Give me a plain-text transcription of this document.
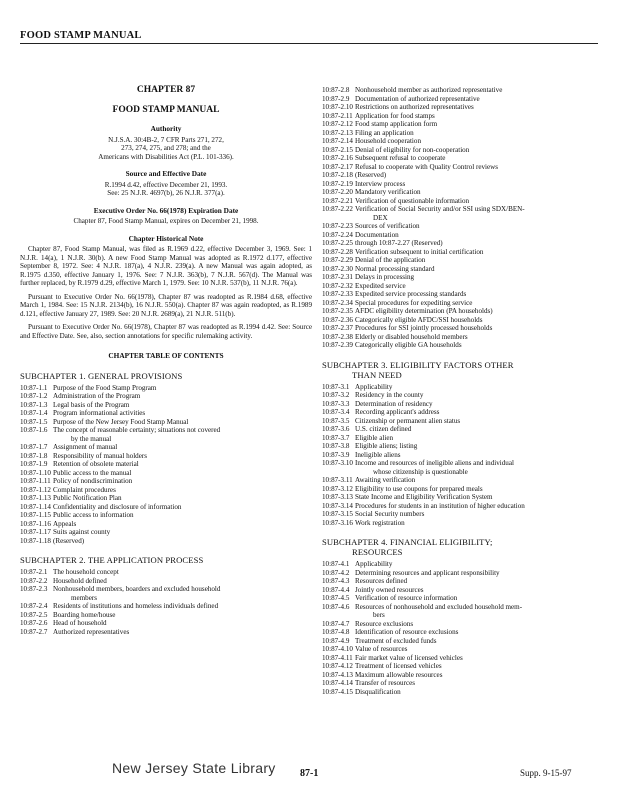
FOOD STAMP MANUAL
CHAPTER 87
FOOD STAMP MANUAL
Authority
N.J.S.A. 30:4B-2, 7 CFR Parts 271, 272,
273, 274, 275, and 278; and the
Americans with Disabilities Act (P.L. 101-336).
Source and Effective Date
R.1994 d.42, effective December 21, 1993.
See: 25 N.J.R. 4697(b), 26 N.J.R. 377(a).
Executive Order No. 66(1978) Expiration Date
Chapter 87, Food Stamp Manual, expires on December 21, 1998.
Chapter Historical Note
Chapter 87, Food Stamp Manual, was filed as R.1969 d.22, effective December 3, 1969. See: 1 N.J.R. 14(a), 1 N.J.R. 30(b). A new Food Stamp Manual was adopted as R.1972 d.177, effective September 8, 1972. See: 4 N.J.R. 187(a), 4 N.J.R. 239(a). A new Manual was again adopted, as R.1975 d.350, effective January 1, 1976. See: 7 N.J.R. 363(b), 7 N.J.R. 567(d). The Manual was further replaced, by R.1979 d.29, effective March 1, 1979. See: 10 N.J.R. 537(b), 11 N.J.R. 76(a).
Pursuant to Executive Order No. 66(1978), Chapter 87 was readopted as R.1984 d.68, effective March 1, 1984. See: 15 N.J.R. 2134(b), 16 N.J.R. 550(a). Chapter 87 was again readopted, as R.1989 d.121, effective January 27, 1989. See: 20 N.J.R. 2689(a), 21 N.J.R. 511(b).
Pursuant to Executive Order No. 66(1978), Chapter 87 was readopted as R.1994 d.42. See: Source and Effective Date. See, also, section annotations for specific rulemaking activity.
CHAPTER TABLE OF CONTENTS
SUBCHAPTER 1. GENERAL PROVISIONS
10:87-1.1 Purpose of the Food Stamp Program
10:87-1.2 Administration of the Program
10:87-1.3 Legal basis of the Program
10:87-1.4 Program informational activities
10:87-1.5 Purpose of the New Jersey Food Stamp Manual
10:87-1.6 The concept of reasonable certainty; situations not covered
by the manual
10:87-1.7 Assignment of manual
10:87-1.8 Responsibility of manual holders
10:87-1.9 Retention of obsolete material
10:87-1.10 Public access to the manual
10:87-1.11 Policy of nondiscrimination
10:87-1.12 Complaint procedures
10:87-1.13 Public Notification Plan
10:87-1.14 Confidentiality and disclosure of information
10:87-1.15 Public access to information
10:87-1.16 Appeals
10:87-1.17 Suits against county
10:87-1.18 (Reserved)
SUBCHAPTER 2. THE APPLICATION PROCESS
10:87-2.1 The household concept
10:87-2.2 Household defined
10:87-2.3 Nonhousehold members, boarders and excluded household
members
10:87-2.4 Residents of institutions and homeless individuals defined
10:87-2.5 Boarding home/house
10:87-2.6 Head of household
10:87-2.7 Authorized representatives
10:87-2.8 Nonhousehold member as authorized representative
10:87-2.9 Documentation of authorized representative
10:87-2.10 Restrictions on authorized representatives
10:87-2.11 Application for food stamps
10:87-2.12 Food stamp application form
10:87-2.13 Filing an application
10:87-2.14 Household cooperation
10:87-2.15 Denial of eligibility for non-cooperation
10:87-2.16 Subsequent refusal to cooperate
10:87-2.17 Refusal to cooperate with Quality Control reviews
10:87-2.18 (Reserved)
10:87-2.19 Interview process
10:87-2.20 Mandatory verification
10:87-2.21 Verification of questionable information
10:87-2.22 Verification of Social Security and/or SSI using SDX/BEN-
DEX
10:87-2.23 Sources of verification
10:87-2.24 Documentation
10:87-2.25 through 10:87-2.27 (Reserved)
10:87-2.28 Verification subsequent to initial certification
10:87-2.29 Denial of the application
10:87-2.30 Normal processing standard
10:87-2.31 Delays in processing
10:87-2.32 Expedited service
10:87-2.33 Expedited service processing standards
10:87-2.34 Special procedures for expediting service
10:87-2.35 AFDC eligibility determination (PA households)
10:87-2.36 Categorically eligible AFDC/SSI households
10:87-2.37 Procedures for SSI jointly processed households
10:87-2.38 Elderly or disabled household members
10:87-2.39 Categorically eligible GA households
SUBCHAPTER 3. ELIGIBILITY FACTORS OTHER
THAN NEED
10:87-3.1 Applicability
10:87-3.2 Residency in the county
10:87-3.3 Determination of residency
10:87-3.4 Recording applicant's address
10:87-3.5 Citizenship or permanent alien status
10:87-3.6 U.S. citizen defined
10:87-3.7 Eligible alien
10:87-3.8 Eligible aliens; listing
10:87-3.9 Ineligible aliens
10:87-3.10 Income and resources of ineligible aliens and individual
whose citizenship is questionable
10:87-3.11 Awaiting verification
10:87-3.12 Eligibility to use coupons for prepared meals
10:87-3.13 State Income and Eligibility Verification System
10:87-3.14 Procedures for students in an institution of higher education
10:87-3.15 Social Security numbers
10:87-3.16 Work registration
SUBCHAPTER 4. FINANCIAL ELIGIBILITY;
RESOURCES
10:87-4.1 Applicability
10:87-4.2 Determining resources and applicant responsibility
10:87-4.3 Resources defined
10:87-4.4 Jointly owned resources
10:87-4.5 Verification of resource information
10:87-4.6 Resources of nonhousehold and excluded household mem-
bers
10:87-4.7 Resource exclusions
10:87-4.8 Identification of resource exclusions
10:87-4.9 Treatment of excluded funds
10:87-4.10 Value of resources
10:87-4.11 Fair market value of licensed vehicles
10:87-4.12 Treatment of licensed vehicles
10:87-4.13 Maximum allowable resources
10:87-4.14 Transfer of resources
10:87-4.15 Disqualification
New Jersey State Library 87-1	Supp. 9-15-97
